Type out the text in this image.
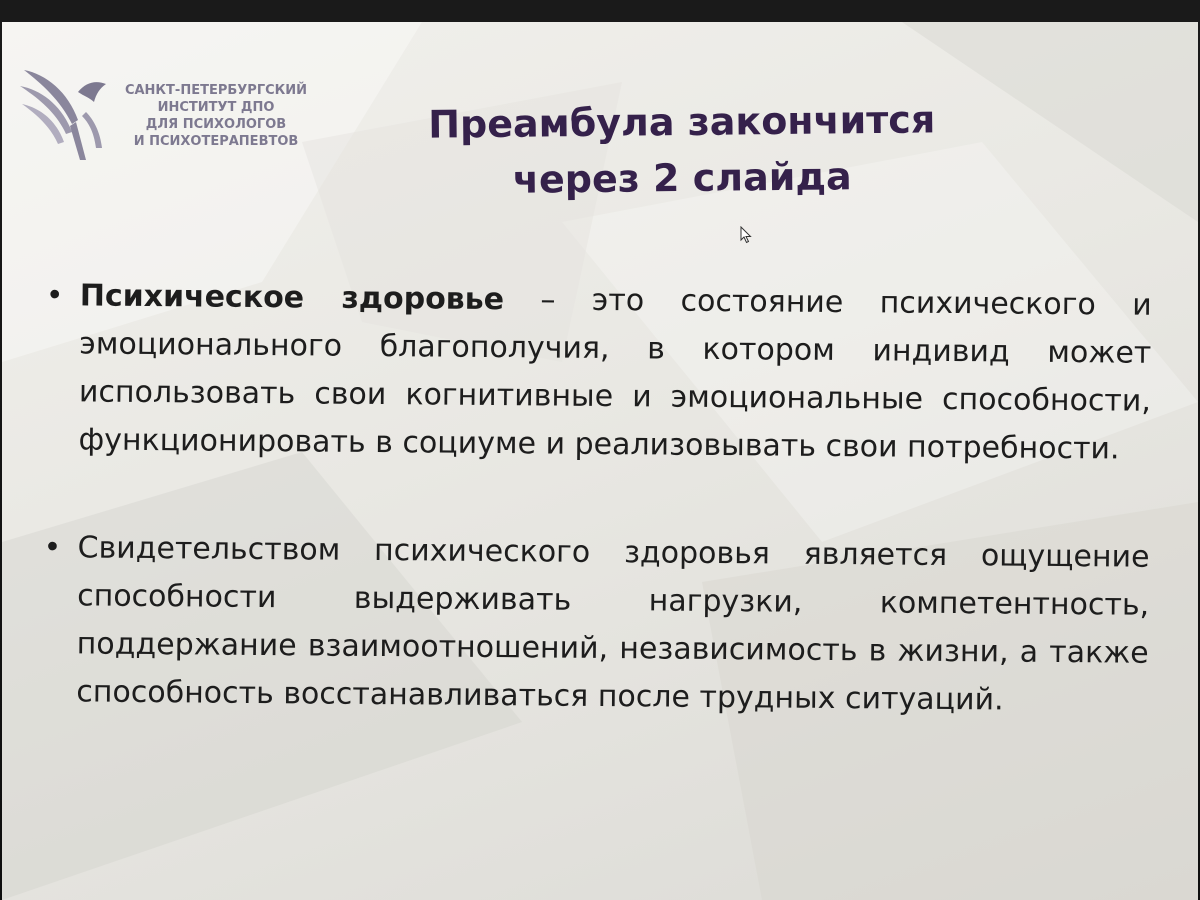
САНКТ-ПЕТЕРБУРГСКИЙ
ИНСТИТУТ ДПО
ДЛЯ ПСИХОЛОГОВ
И ПСИХОТЕРАПЕВТОВ	Преамбула закончится
через 2 слайда
• Психическое здоровье – это состояние психического и эмоционального благополучия, в котором индивид может использовать свои когнитивные и эмоциональные способности, функционировать в социуме и реализовывать свои потребности.
• Свидетельством психического здоровья является ощущение способности выдерживать нагрузки, компетентность, поддержание взаимоотношений, независимость в жизни, а также способность восстанавливаться после трудных ситуаций.
